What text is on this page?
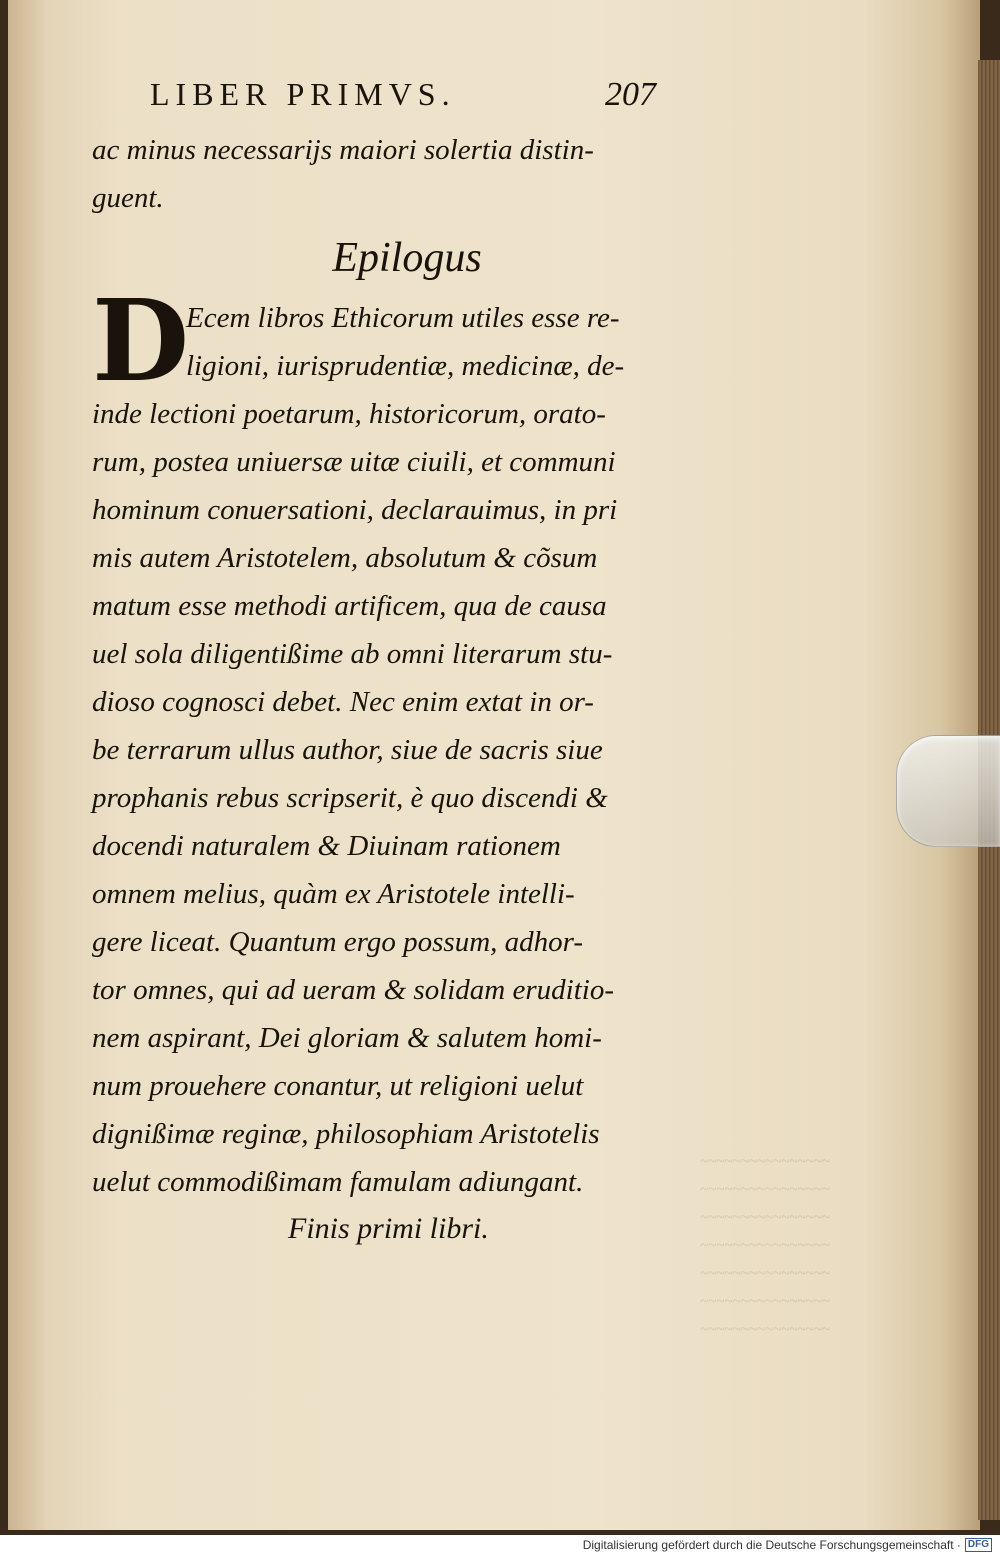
~~~~~~~~~~~~~~~~
~~~~~~~~~~~~~~~~
~~~~~~~~~~~~~~~~
~~~~~~~~~~~~~~~~
~~~~~~~~~~~~~~~~
~~~~~~~~~~~~~~~~
~~~~~~~~~~~~~~~~
LIBER PRIMVS.	207
ac minus necessarijs maiori solertia distin-
guent.
Epilogus
D
Ecem libros Ethicorum utiles esse re-
ligioni, iurisprudentiæ, medicinæ, de-
inde lectioni poetarum, historicorum, orato-
rum, postea uniuersæ uitæ ciuili, et communi
hominum conuersationi, declarauimus, in pri
mis autem Aristotelem, absolutum & cõsum
matum esse methodi artificem, qua de causa
uel sola diligentißime ab omni literarum stu-
dioso cognosci debet. Nec enim extat in or-
be terrarum ullus author, siue de sacris siue
prophanis rebus scripserit, è quo discendi &
docendi naturalem & Diuinam rationem
omnem melius, quàm ex Aristotele intelli-
gere liceat. Quantum ergo possum, adhor-
tor omnes, qui ad ueram & solidam eruditio-
nem aspirant, Dei gloriam & salutem homi-
num prouehere conantur, ut religioni uelut
dignißimæ reginæ, philosophiam Aristotelis
uelut commodißimam famulam adiungant.
Finis primi libri.
Digitalisierung gefördert durch die Deutsche Forschungsgemeinschaft · DFG
